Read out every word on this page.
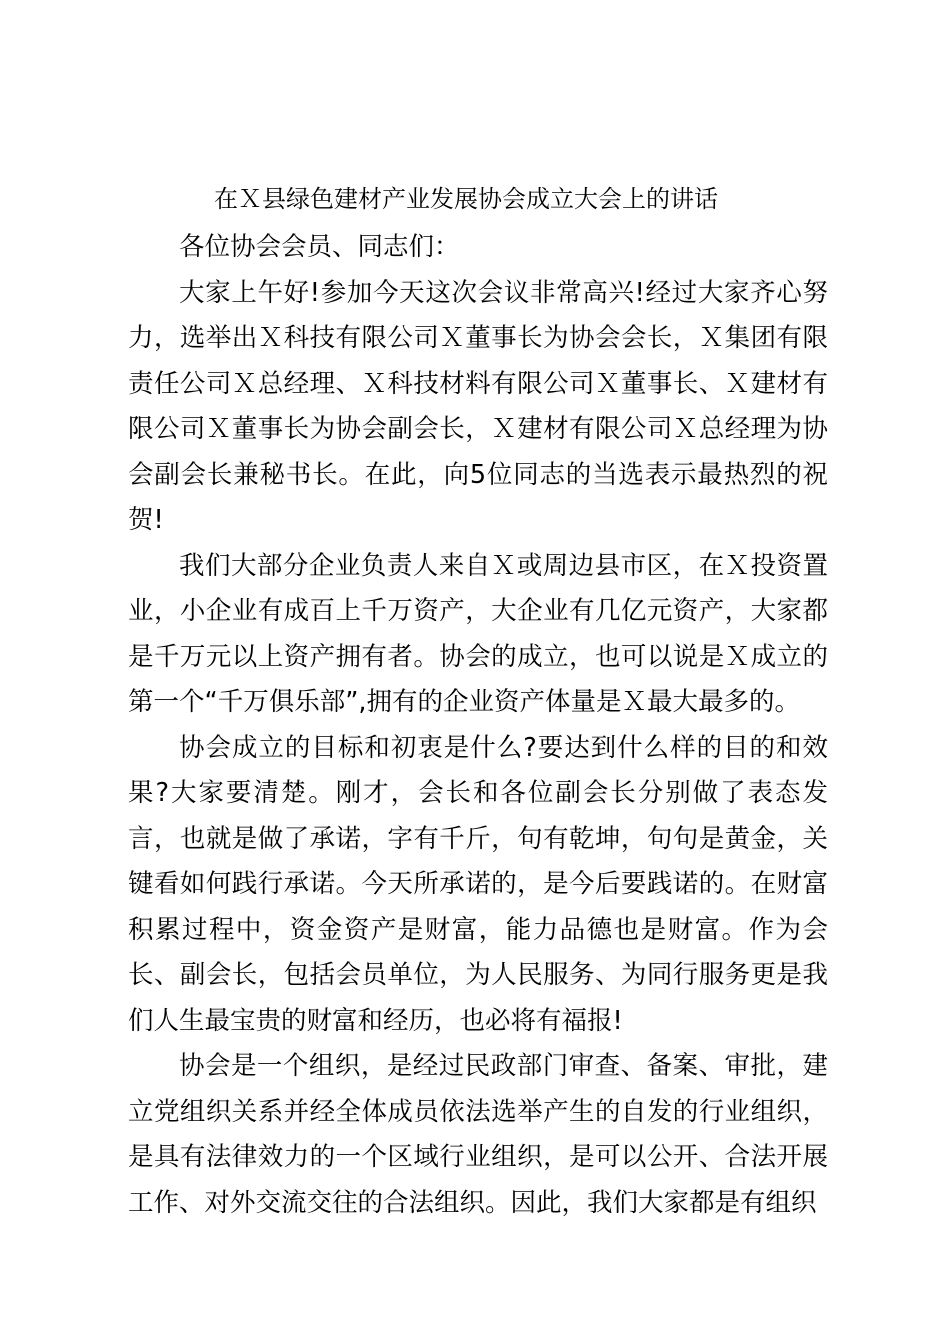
在Ｘ县绿色建材产业发展协会成立大会上的讲话

各位协会会员、同志们：

大家上午好!参加今天这次会议非常高兴!经过大家齐心努力，选举出Ｘ科技有限公司Ｘ董事长为协会会长，Ｘ集团有限责任公司Ｘ总经理、Ｘ科技材料有限公司Ｘ董事长、Ｘ建材有限公司Ｘ董事长为协会副会长，Ｘ建材有限公司Ｘ总经理为协会副会长兼秘书长。在此，向5位同志的当选表示最热烈的祝贺!

我们大部分企业负责人来自Ｘ或周边县市区，在Ｘ投资置业，小企业有成百上千万资产，大企业有几亿元资产，大家都是千万元以上资产拥有者。协会的成立，也可以说是Ｘ成立的第一个“千万俱乐部”,拥有的企业资产体量是Ｘ最大最多的。

协会成立的目标和初衷是什么?要达到什么样的目的和效果?大家要清楚。刚才，会长和各位副会长分别做了表态发言，也就是做了承诺，字有千斤，句有乾坤，句句是黄金，关键看如何践行承诺。今天所承诺的，是今后要践诺的。在财富积累过程中，资金资产是财富，能力品德也是财富。作为会长、副会长，包括会员单位，为人民服务、为同行服务更是我们人生最宝贵的财富和经历，也必将有福报!

协会是一个组织，是经过民政部门审查、备案、审批，建立党组织关系并经全体成员依法选举产生的自发的行业组织，是具有法律效力的一个区域行业组织，是可以公开、合法开展工作、对外交流交往的合法组织。因此，我们大家都是有组织
